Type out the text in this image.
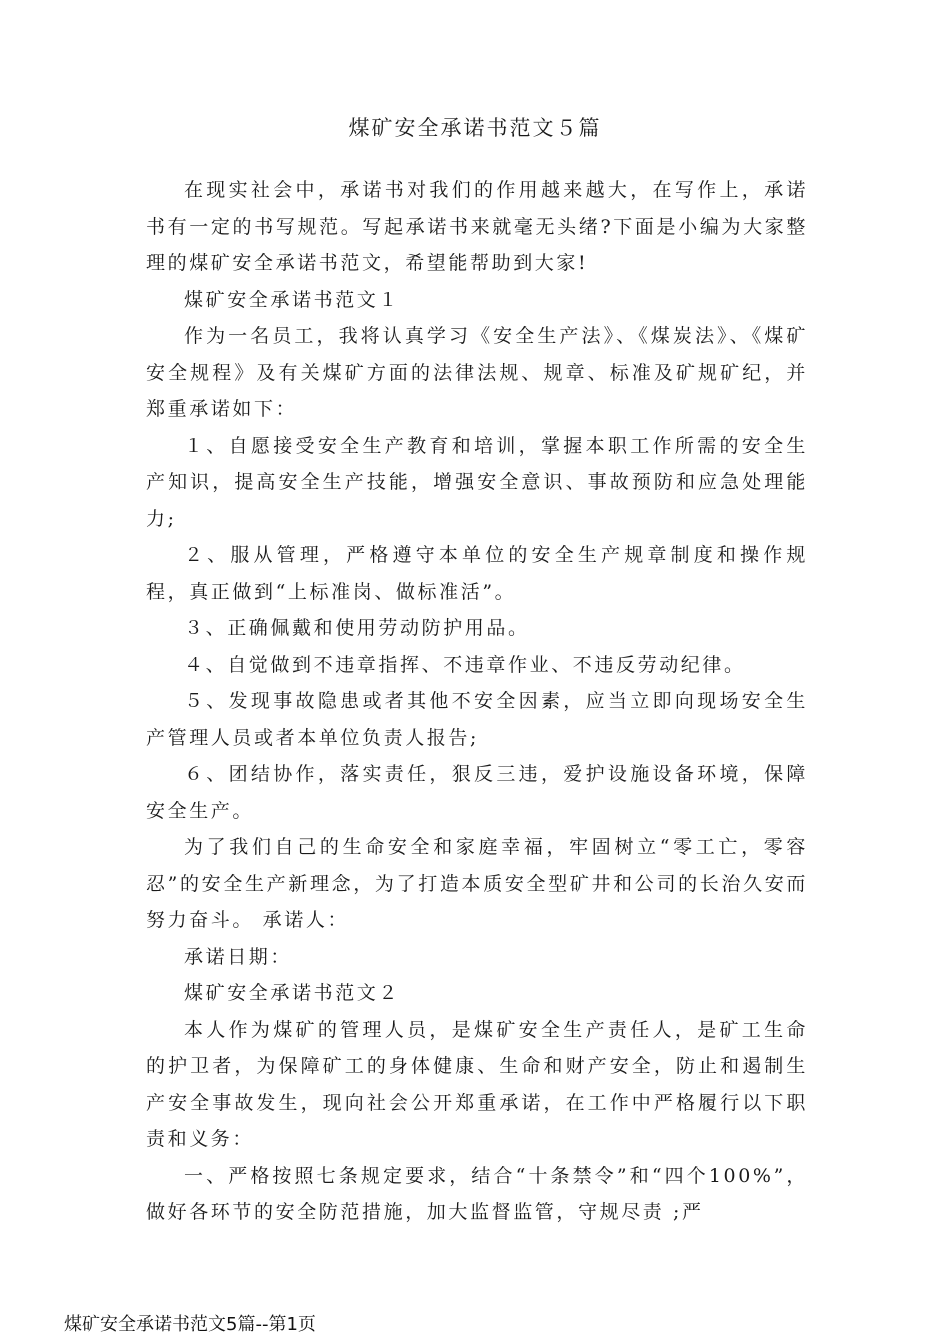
煤矿安全承诺书范文５篇

在现实社会中，承诺书对我们的作用越来越大，在写作上，承诺书有一定的书写规范。写起承诺书来就毫无头绪?下面是小编为大家整理的煤矿安全承诺书范文，希望能帮助到大家!

煤矿安全承诺书范文１

作为一名员工，我将认真学习《安全生产法》、《煤炭法》、《煤矿安全规程》及有关煤矿方面的法律法规、规章、标准及矿规矿纪，并郑重承诺如下：

１、自愿接受安全生产教育和培训，掌握本职工作所需的安全生产知识，提高安全生产技能，增强安全意识、事故预防和应急处理能力;

２、服从管理，严格遵守本单位的安全生产规章制度和操作规程，真正做到“上标准岗、做标准活”。

３、正确佩戴和使用劳动防护用品。

４、自觉做到不违章指挥、不违章作业、不违反劳动纪律。

５、发现事故隐患或者其他不安全因素，应当立即向现场安全生产管理人员或者本单位负责人报告;

６、团结协作，落实责任，狠反三违，爱护设施设备环境，保障安全生产。

为了我们自己的生命安全和家庭幸福，牢固树立“零工亡，零容忍”的安全生产新理念，为了打造本质安全型矿井和公司的长治久安而努力奋斗。 承诺人：

承诺日期：

煤矿安全承诺书范文２

本人作为煤矿的管理人员，是煤矿安全生产责任人，是矿工生命的护卫者，为保障矿工的身体健康、生命和财产安全，防止和遏制生产安全事故发生，现向社会公开郑重承诺，在工作中严格履行以下职责和义务：

一、严格按照七条规定要求，结合“十条禁令”和“四个100%”，做好各环节的安全防范措施，加大监督监管，守规尽责 ;严

煤矿安全承诺书范文5篇--第1页
